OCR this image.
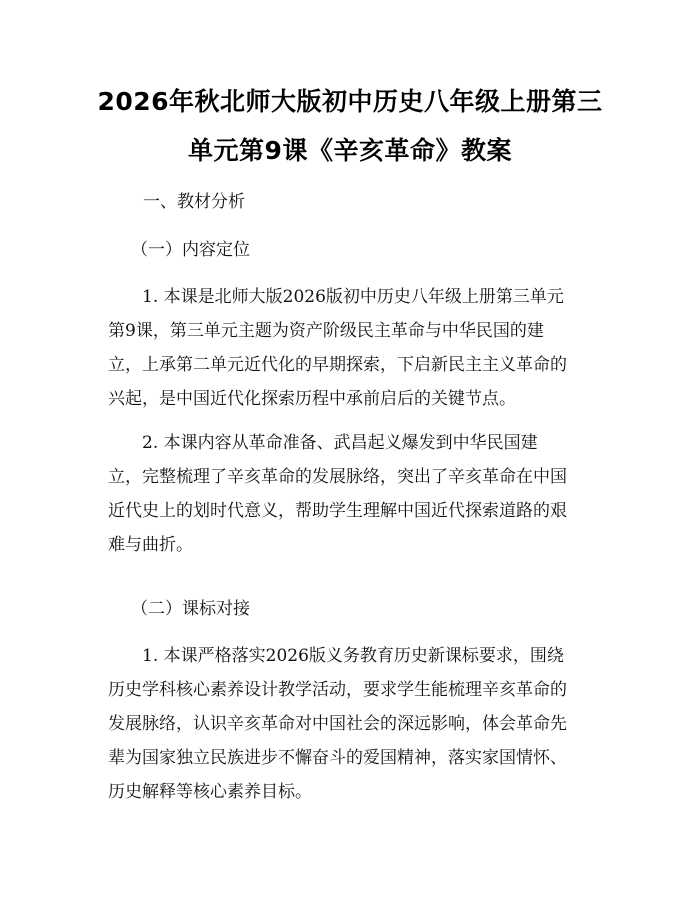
2026年秋北师大版初中历史八年级上册第三
单元第9课《辛亥革命》教案
一、教材分析
（一）内容定位
1. 本课是北师大版2026版初中历史八年级上册第三单元
第9课，第三单元主题为资产阶级民主革命与中华民国的建
立，上承第二单元近代化的早期探索，下启新民主主义革命的
兴起，是中国近代化探索历程中承前启后的关键节点。
2. 本课内容从革命准备、武昌起义爆发到中华民国建
立，完整梳理了辛亥革命的发展脉络，突出了辛亥革命在中国
近代史上的划时代意义，帮助学生理解中国近代探索道路的艰
难与曲折。
（二）课标对接
1. 本课严格落实2026版义务教育历史新课标要求，围绕
历史学科核心素养设计教学活动，要求学生能梳理辛亥革命的
发展脉络，认识辛亥革命对中国社会的深远影响，体会革命先
辈为国家独立民族进步不懈奋斗的爱国精神，落实家国情怀、
历史解释等核心素养目标。
